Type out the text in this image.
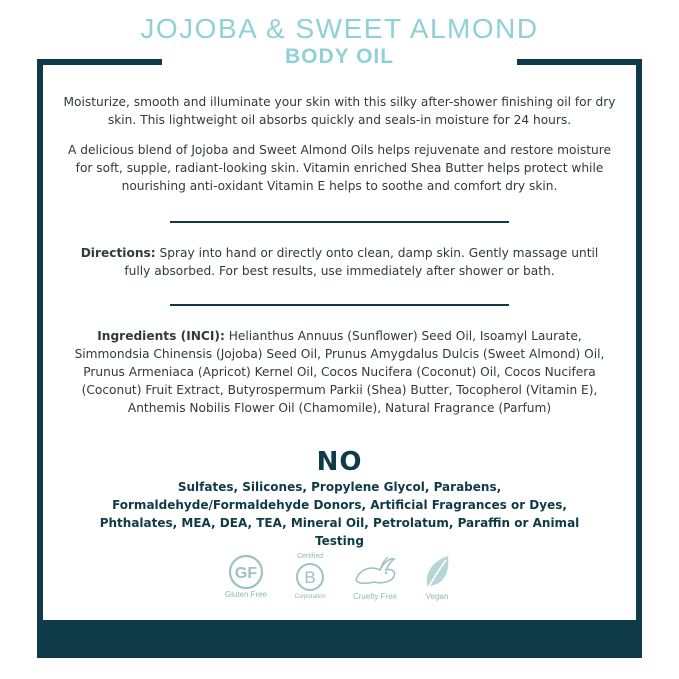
JOJOBA & SWEET ALMOND
BODY OIL

Moisturize, smooth and illuminate your skin with this silky after-shower finishing oil for dry skin. This lightweight oil absorbs quickly and seals-in moisture for 24 hours.

A delicious blend of Jojoba and Sweet Almond Oils helps rejuvenate and restore moisture for soft, supple, radiant-looking skin. Vitamin enriched Shea Butter helps protect while nourishing anti-oxidant Vitamin E helps to soothe and comfort dry skin.

Directions: Spray into hand or directly onto clean, damp skin. Gently massage until fully absorbed. For best results, use immediately after shower or bath.

Ingredients (INCI): Helianthus Annuus (Sunflower) Seed Oil, Isoamyl Laurate, Simmondsia Chinensis (Jojoba) Seed Oil, Prunus Amygdalus Dulcis (Sweet Almond) Oil, Prunus Armeniaca (Apricot) Kernel Oil, Cocos Nucifera (Coconut) Oil, Cocos Nucifera (Coconut) Fruit Extract, Butyrospermum Parkii (Shea) Butter, Tocopherol (Vitamin E), Anthemis Nobilis Flower Oil (Chamomile), Natural Fragrance (Parfum)

NO

Sulfates, Silicones, Propylene Glycol, Parabens, Formaldehyde/Formaldehyde Donors, Artificial Fragrances or Dyes, Phthalates, MEA, DEA, TEA, Mineral Oil, Petrolatum, Paraffin or Animal Testing

GF
Gluten Free
Certified
B
Corporation	Cruelty Free	Vegan
